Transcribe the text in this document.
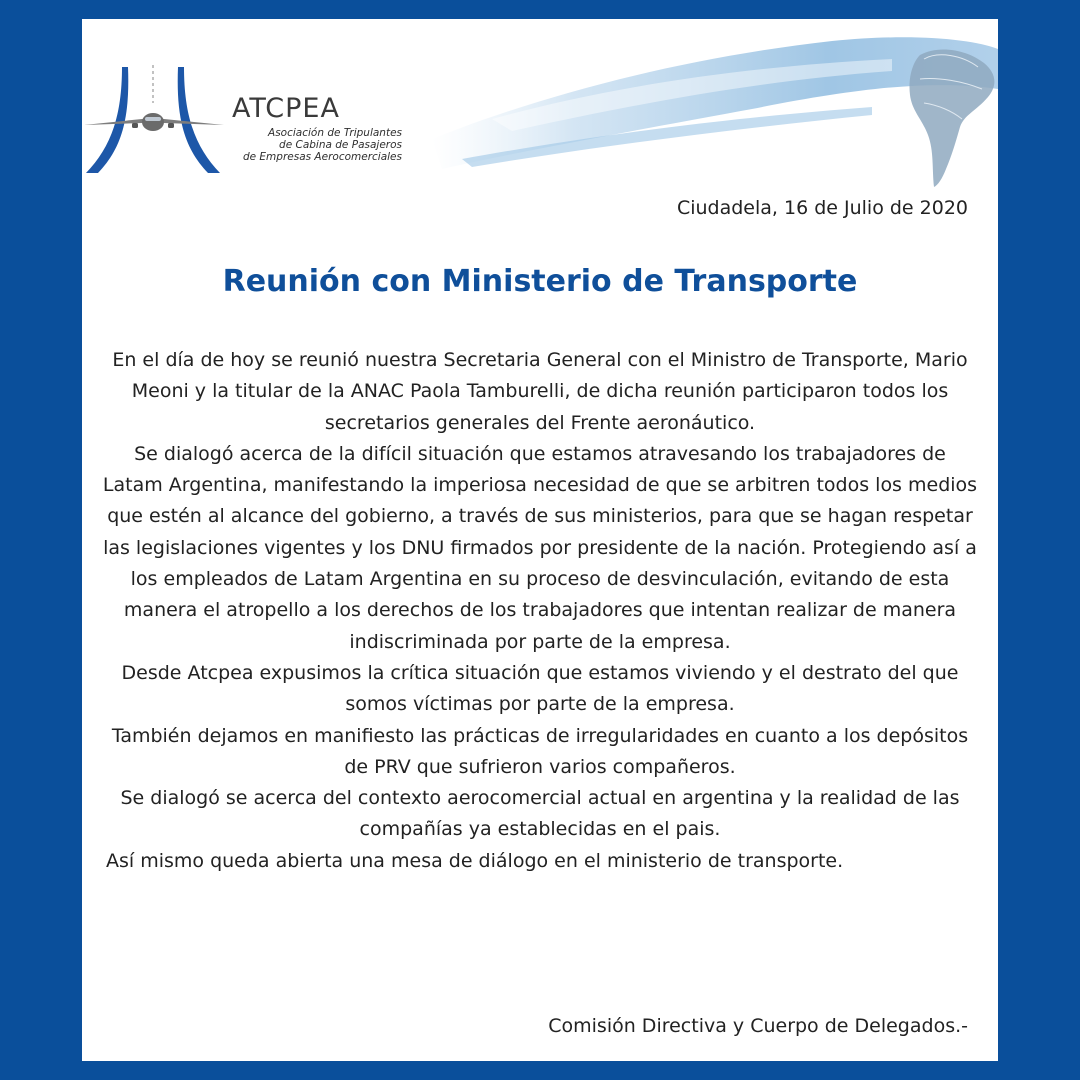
ATCPEA
Asociación de Tripulantes
de Cabina de Pasajeros
de Empresas Aerocomerciales
Ciudadela, 16 de Julio de 2020
Reunión con Ministerio de Transporte

En el día de hoy se reunió nuestra Secretaria General con el Ministro de Transporte, Mario Meoni y la titular de la ANAC Paola Tamburelli, de dicha reunión participaron todos los secretarios generales del Frente aeronáutico.

Se dialogó acerca de la difícil situación que estamos atravesando los trabajadores de Latam Argentina, manifestando la imperiosa necesidad de que se arbitren todos los medios que estén al alcance del gobierno, a través de sus ministerios, para que se hagan respetar las legislaciones vigentes y los DNU firmados por presidente de la nación. Protegiendo así a los empleados de Latam Argentina en su proceso de desvinculación, evitando de esta manera el atropello a los derechos de los trabajadores que intentan realizar de manera indiscriminada por parte de la empresa.

Desde Atcpea expusimos la crítica situación que estamos viviendo y el destrato del que somos víctimas por parte de la empresa.

También dejamos en manifiesto las prácticas de irregularidades en cuanto a los depósitos de PRV que sufrieron varios compañeros.

Se dialogó se acerca del contexto aerocomercial actual en argentina y la realidad de las compañías ya establecidas en el pais.

Así mismo queda abierta una mesa de diálogo en el ministerio de transporte.

Comisión Directiva y Cuerpo de Delegados.-
